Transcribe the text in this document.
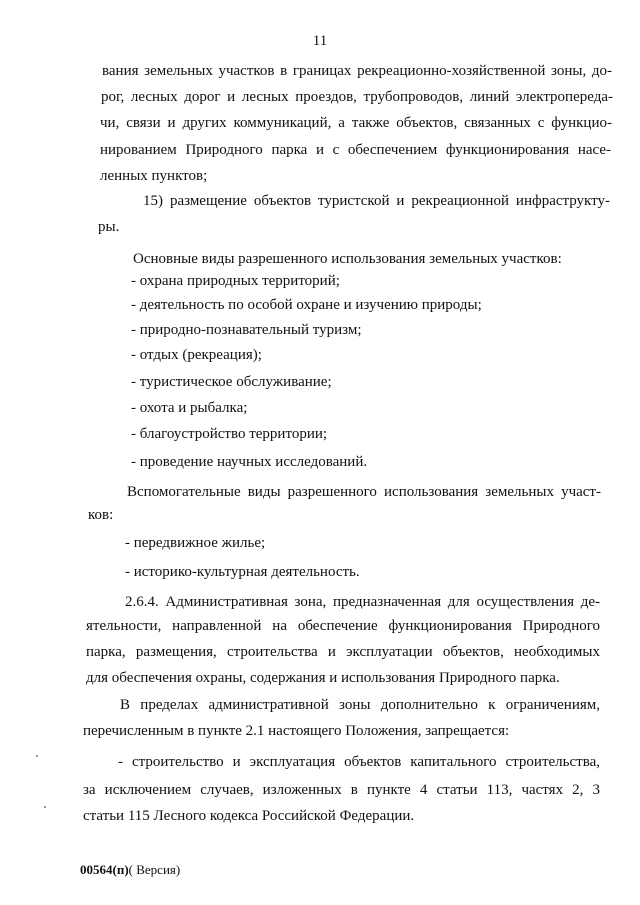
11
вания земельных участков в границах рекреационно-хозяйственной зоны, до-
рог, лесных дорог и лесных проездов, трубопроводов, линий электропереда-
чи, связи и других коммуникаций, а также объектов, связанных с функцио-
нированием Природного парка и с обеспечением функционирования насе-
ленных пунктов;
15) размещение объектов туристской и рекреационной инфраструкту-
ры.
Основные виды разрешенного использования земельных участков:
- охрана природных территорий;
- деятельность по особой охране и изучению природы;
- природно-познавательный туризм;
- отдых (рекреация);
- туристическое обслуживание;
- охота и рыбалка;
- благоустройство территории;
- проведение научных исследований.
Вспомогательные виды разрешенного использования земельных участ-
ков:
- передвижное жилье;
- историко-культурная деятельность.
2.6.4. Административная зона, предназначенная для осуществления де-
ятельности, направленной на обеспечение функционирования Природного
парка, размещения, строительства и эксплуатации объектов, необходимых
для обеспечения охраны, содержания и использования Природного парка.
В пределах административной зоны дополнительно к ограничениям,
перечисленным в пункте 2.1 настоящего Положения, запрещается:
- строительство и эксплуатация объектов капитального строительства,
за исключением случаев, изложенных в пункте 4 статьи 113, частях 2, 3
статьи 115 Лесного кодекса Российской Федерации.
00564(п)( Версия)
